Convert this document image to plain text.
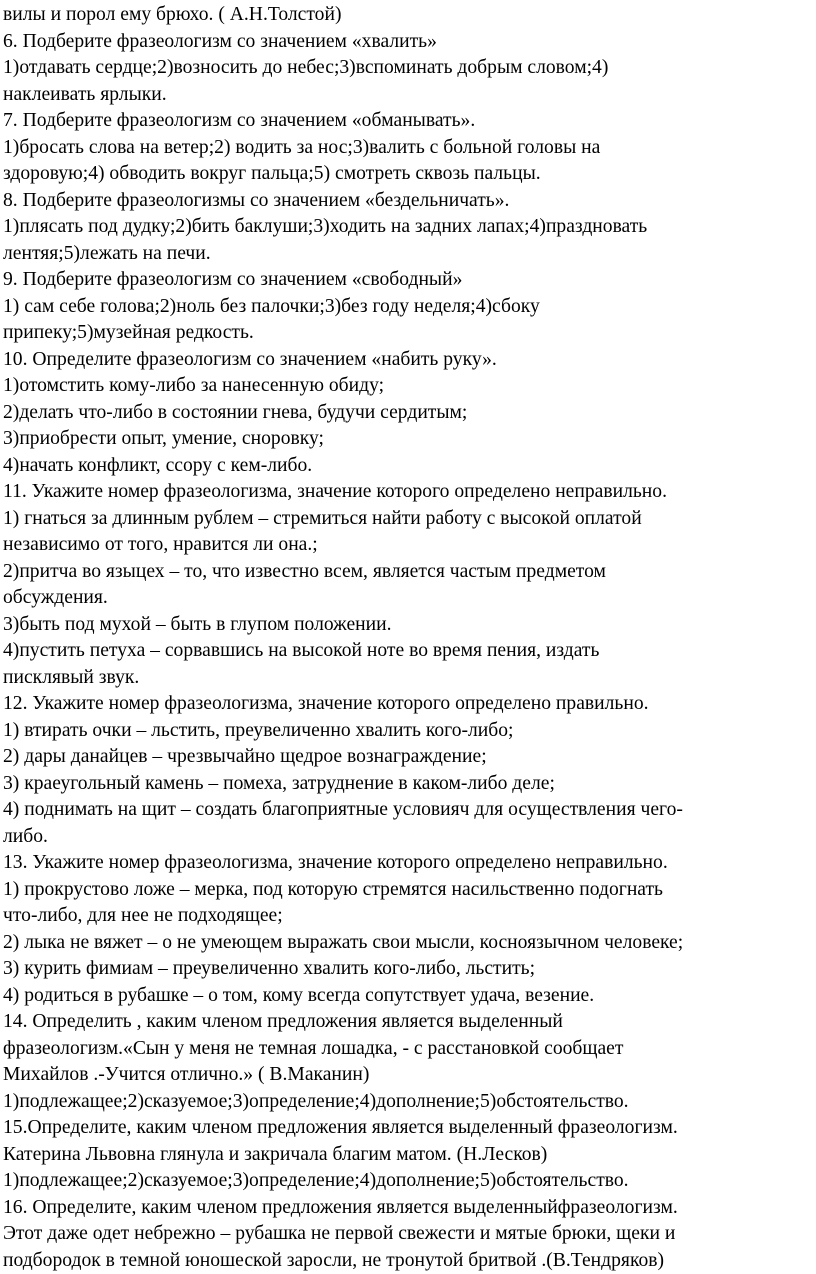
вилы и порол ему брюхо. ( А.Н.Толстой)
6. Подберите фразеологизм со значением «хвалить»
1)отдавать сердце;2)возносить до небес;3)вспоминать добрым словом;4)
наклеивать ярлыки.
7. Подберите фразеологизм со значением «обманывать».
1)бросать слова на ветер;2) водить за нос;3)валить с больной головы на
здоровую;4) обводить вокруг пальца;5) смотреть сквозь пальцы.
8. Подберите фразеологизмы со значением «бездельничать».
1)плясать под дудку;2)бить баклуши;3)ходить на задних лапах;4)праздновать
лентяя;5)лежать на печи.
9. Подберите фразеологизм со значением «свободный»
1) сам себе голова;2)ноль без палочки;3)без году неделя;4)сбоку
припеку;5)музейная редкость.
10. Определите фразеологизм со значением «набить руку».
1)отомстить кому-либо за нанесенную обиду;
2)делать что-либо в состоянии гнева, будучи сердитым;
3)приобрести опыт, умение, сноровку;
4)начать конфликт, ссору с кем-либо.
11. Укажите номер фразеологизма, значение которого определено неправильно.
1) гнаться за длинным рублем – стремиться найти работу с высокой оплатой
независимо от того, нравится ли она.;
2)притча во языцех – то, что известно всем, является частым предметом
обсуждения.
3)быть под мухой – быть в глупом положении.
4)пустить петуха – сорвавшись на высокой ноте во время пения, издать
писклявый звук.
12. Укажите номер фразеологизма, значение которого определено правильно.
1) втирать очки – льстить, преувеличенно хвалить кого-либо;
2) дары данайцев – чрезвычайно щедрое вознаграждение;
3) краеугольный камень – помеха, затруднение в каком-либо деле;
4) поднимать на щит – создать благоприятные условияч для осуществления чего-
либо.
13. Укажите номер фразеологизма, значение которого определено неправильно.
1) прокрустово ложе – мерка, под которую стремятся насильственно подогнать
что-либо, для нее не подходящее;
2) лыка не вяжет – о не умеющем выражать свои мысли, косноязычном человеке;
3) курить фимиам – преувеличенно хвалить кого-либо, льстить;
4) родиться в рубашке – о том, кому всегда сопутствует удача, везение.
14. Определить , каким членом предложения является выделенный
фразеологизм.«Сын у меня не темная лошадка, - с расстановкой сообщает
Михайлов .-Учится отлично.» ( В.Маканин)
1)подлежащее;2)сказуемое;3)определение;4)дополнение;5)обстоятельство.
15.Определите, каким членом предложения является выделенный фразеологизм.
Катерина Львовна глянула и закричала благим матом. (Н.Лесков)
1)подлежащее;2)сказуемое;3)определение;4)дополнение;5)обстоятельство.
16. Определите, каким членом предложения является выделенныйфразеологизм.
Этот даже одет небрежно – рубашка не первой свежести и мятые брюки, щеки и
подбородок в темной юношеской заросли, не тронутой бритвой .(В.Тендряков)
